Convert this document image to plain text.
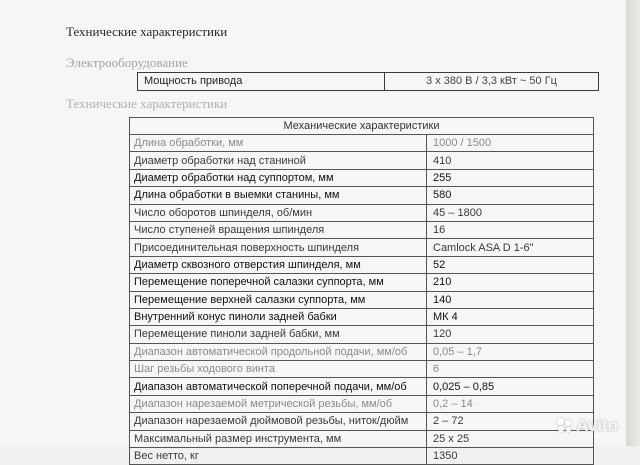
Технические характеристики
Электрооборудование
Мощность привода	3 х 380 В / 3,3 кВт ~ 50 Гц
Технические характеристики
Механические характеристики	
Длина обработки, мм	1000 / 1500
Диаметр обработки над станиной	410
Диаметр обработки над суппортом, мм	255
Длина обработки в выемки станины, мм	580
Число оборотов шпинделя, об/мин	45 – 1800
Число ступеней вращения шпинделя	16
Присоединительная поверхность шпинделя	Camlock ASA D 1-6"
Диаметр сквозного отверстия шпинделя, мм	52
Перемещение поперечной салазки суппорта, мм	210
Перемещение верхней салазки суппорта, мм	140
Внутренний конус пиноли задней бабки	МК 4
Перемещение пиноли задней бабки, мм	120
Диапазон автоматической продольной подачи, мм/об	0,05 – 1,7
Шаг резьбы ходового винта	6
Диапазон автоматической поперечной подачи, мм/об	0,025 – 0,85
Диапазон нарезаемой метрической резьбы, мм/об	0,2 – 14
Диапазон нарезаемой дюймовой резьбы, ниток/дюйм	2 – 72
Максимальный размер инструмента, мм	25 х 25
Вес нетто, кг	1350
Avito
